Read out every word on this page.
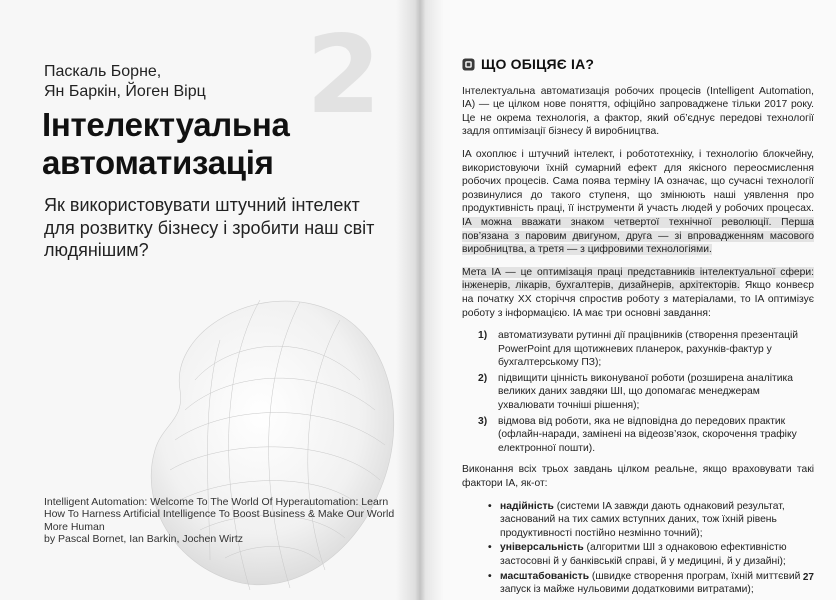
2
Паскаль Борне,
Ян Баркін, Йоген Вірц
Інтелектуальна
автоматизація
Як використовувати штучний інтелект для розвитку бізнесу і зробити наш світ людянішим?
Intelligent Automation: Welcome To The World Of Hyperautomation: Learn
How To Harness Artificial Intelligence To Boost Business & Make Our World
More Human
by Pascal Bornet, Ian Barkin, Jochen Wirtz
ЩО ОБІЦЯЄ ІА?

Інтелектуальна автоматизація робочих процесів (Intelligent Automation, IA) — це цілком нове поняття, офіційно запроваджене тільки 2017 року. Це не окрема технологія, а фактор, який об’єднує передові технології задля оптимізації бізнесу й виробництва.

IA охоплює і штучний інтелект, і робототехніку, і технологію блокчейну, використовуючи їхній сумарний ефект для якісного переосмислення робочих процесів. Сама поява терміну IA означає, що сучасні технології розвинулися до такого ступеня, що змінюють наші уявлення про продуктивність праці, її інструменти й участь людей у робочих процесах. IA можна вважати знаком четвертої технічної революції. Перша пов’язана з паровим двигуном, друга — зі впровадженням масового виробництва, а третя — з цифровими технологіями.

Мета IA — це оптимізація праці представників інтелектуальної сфери: інженерів, лікарів, бухгалтерів, дизайнерів, архітекторів. Якщо конвеєр на початку ХХ сторіччя спростив роботу з матеріалами, то IA оптимізує роботу з інформацією. IA має три основні завдання:

1) автоматизувати рутинні дії працівників (створення презентацій PowerPoint для щотижневих планерок, рахунків-фактур у бухгалтерському ПЗ);
2) підвищити цінність виконуваної роботи (розширена аналітика великих даних завдяки ШІ, що допомагає менеджерам ухвалювати точніші рішення);
3) відмова від роботи, яка не відповідна до передових практик (офлайн-наради, замінені на відеозв’язок, скорочення трафіку електронної пошти).

Виконання всіх трьох завдань цілком реальне, якщо враховувати такі фактори IA, як-от:

• надійність (системи IA завжди дають однаковий результат, заснований на тих самих вступних даних, тож їхній рівень продуктивності постійно незмінно точний);
• універсальність (алгоритми ШІ з однаковою ефективністю застосовні й у банківській справі, й у медицині, й у дизайні);
• масштабованість (швидке створення програм, їхній миттєвий запуск із майже нульовими додатковими витратами);
27
